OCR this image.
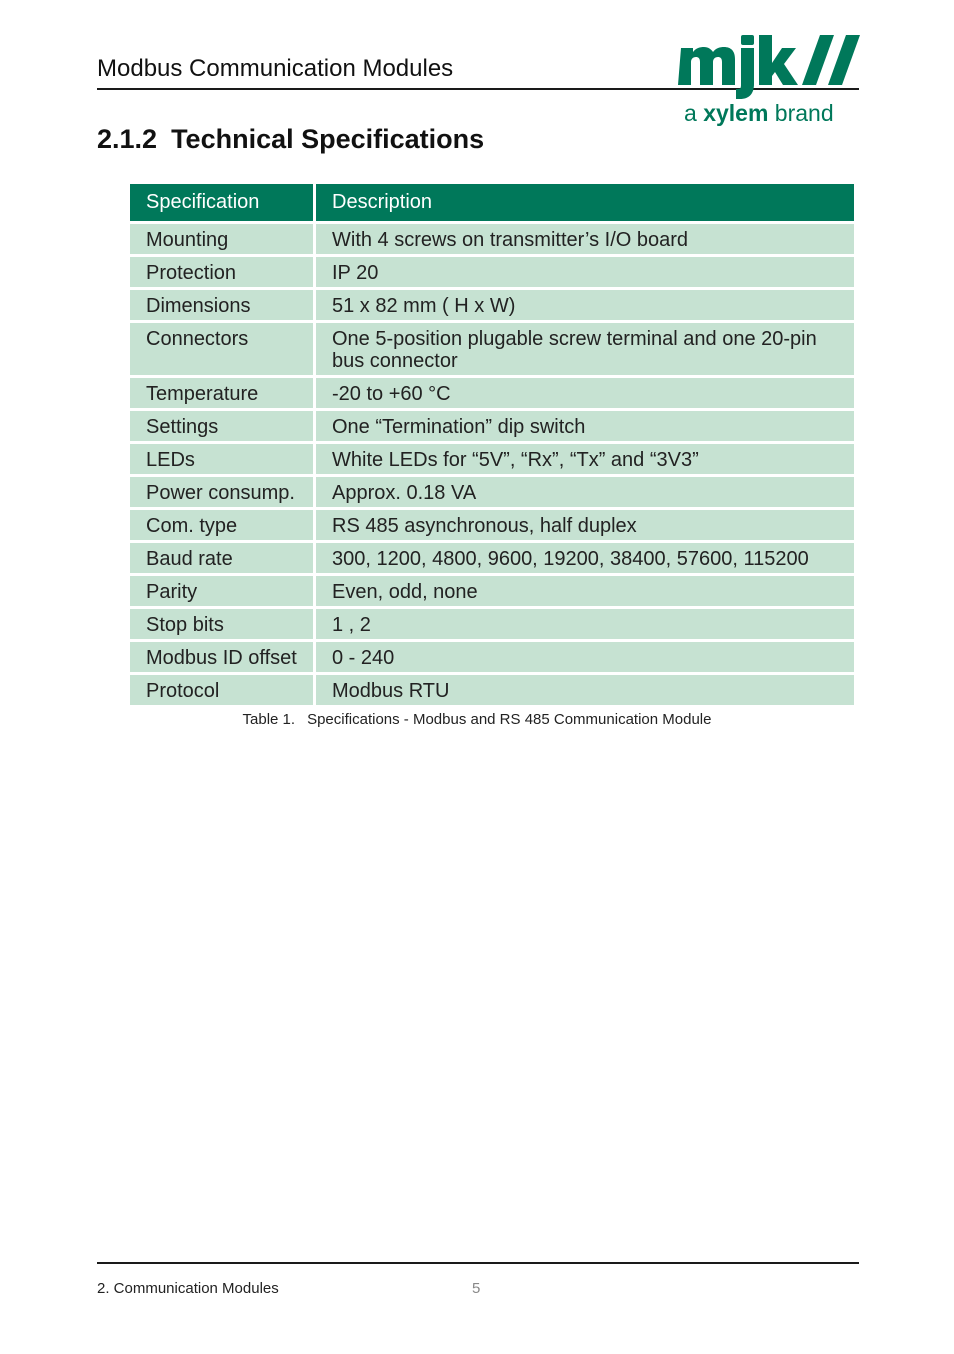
Modbus Communication Modules
a xylem brand
2.1.2 Technical Specifications
Specification	Description
Mounting	With 4 screws on transmitter’s I/O board
Protection	IP 20
Dimensions	51 x 82 mm ( H x W)
Connectors	One 5-position plugable screw terminal and one 20-pin bus connector
Temperature	-20 to +60 °C
Settings	One “Termination” dip switch
LEDs	White LEDs for “5V”, “Rx”, “Tx” and “3V3”
Power consump.	Approx. 0.18 VA
Com. type	RS 485 asynchronous, half duplex
Baud rate	300, 1200, 4800, 9600, 19200, 38400, 57600, 115200
Parity	Even, odd, none
Stop bits	1 , 2
Modbus ID offset	0 - 240
Protocol	Modbus RTU
Table 1. Specifications - Modbus and RS 485 Communication Module
2. Communication Modules	5
